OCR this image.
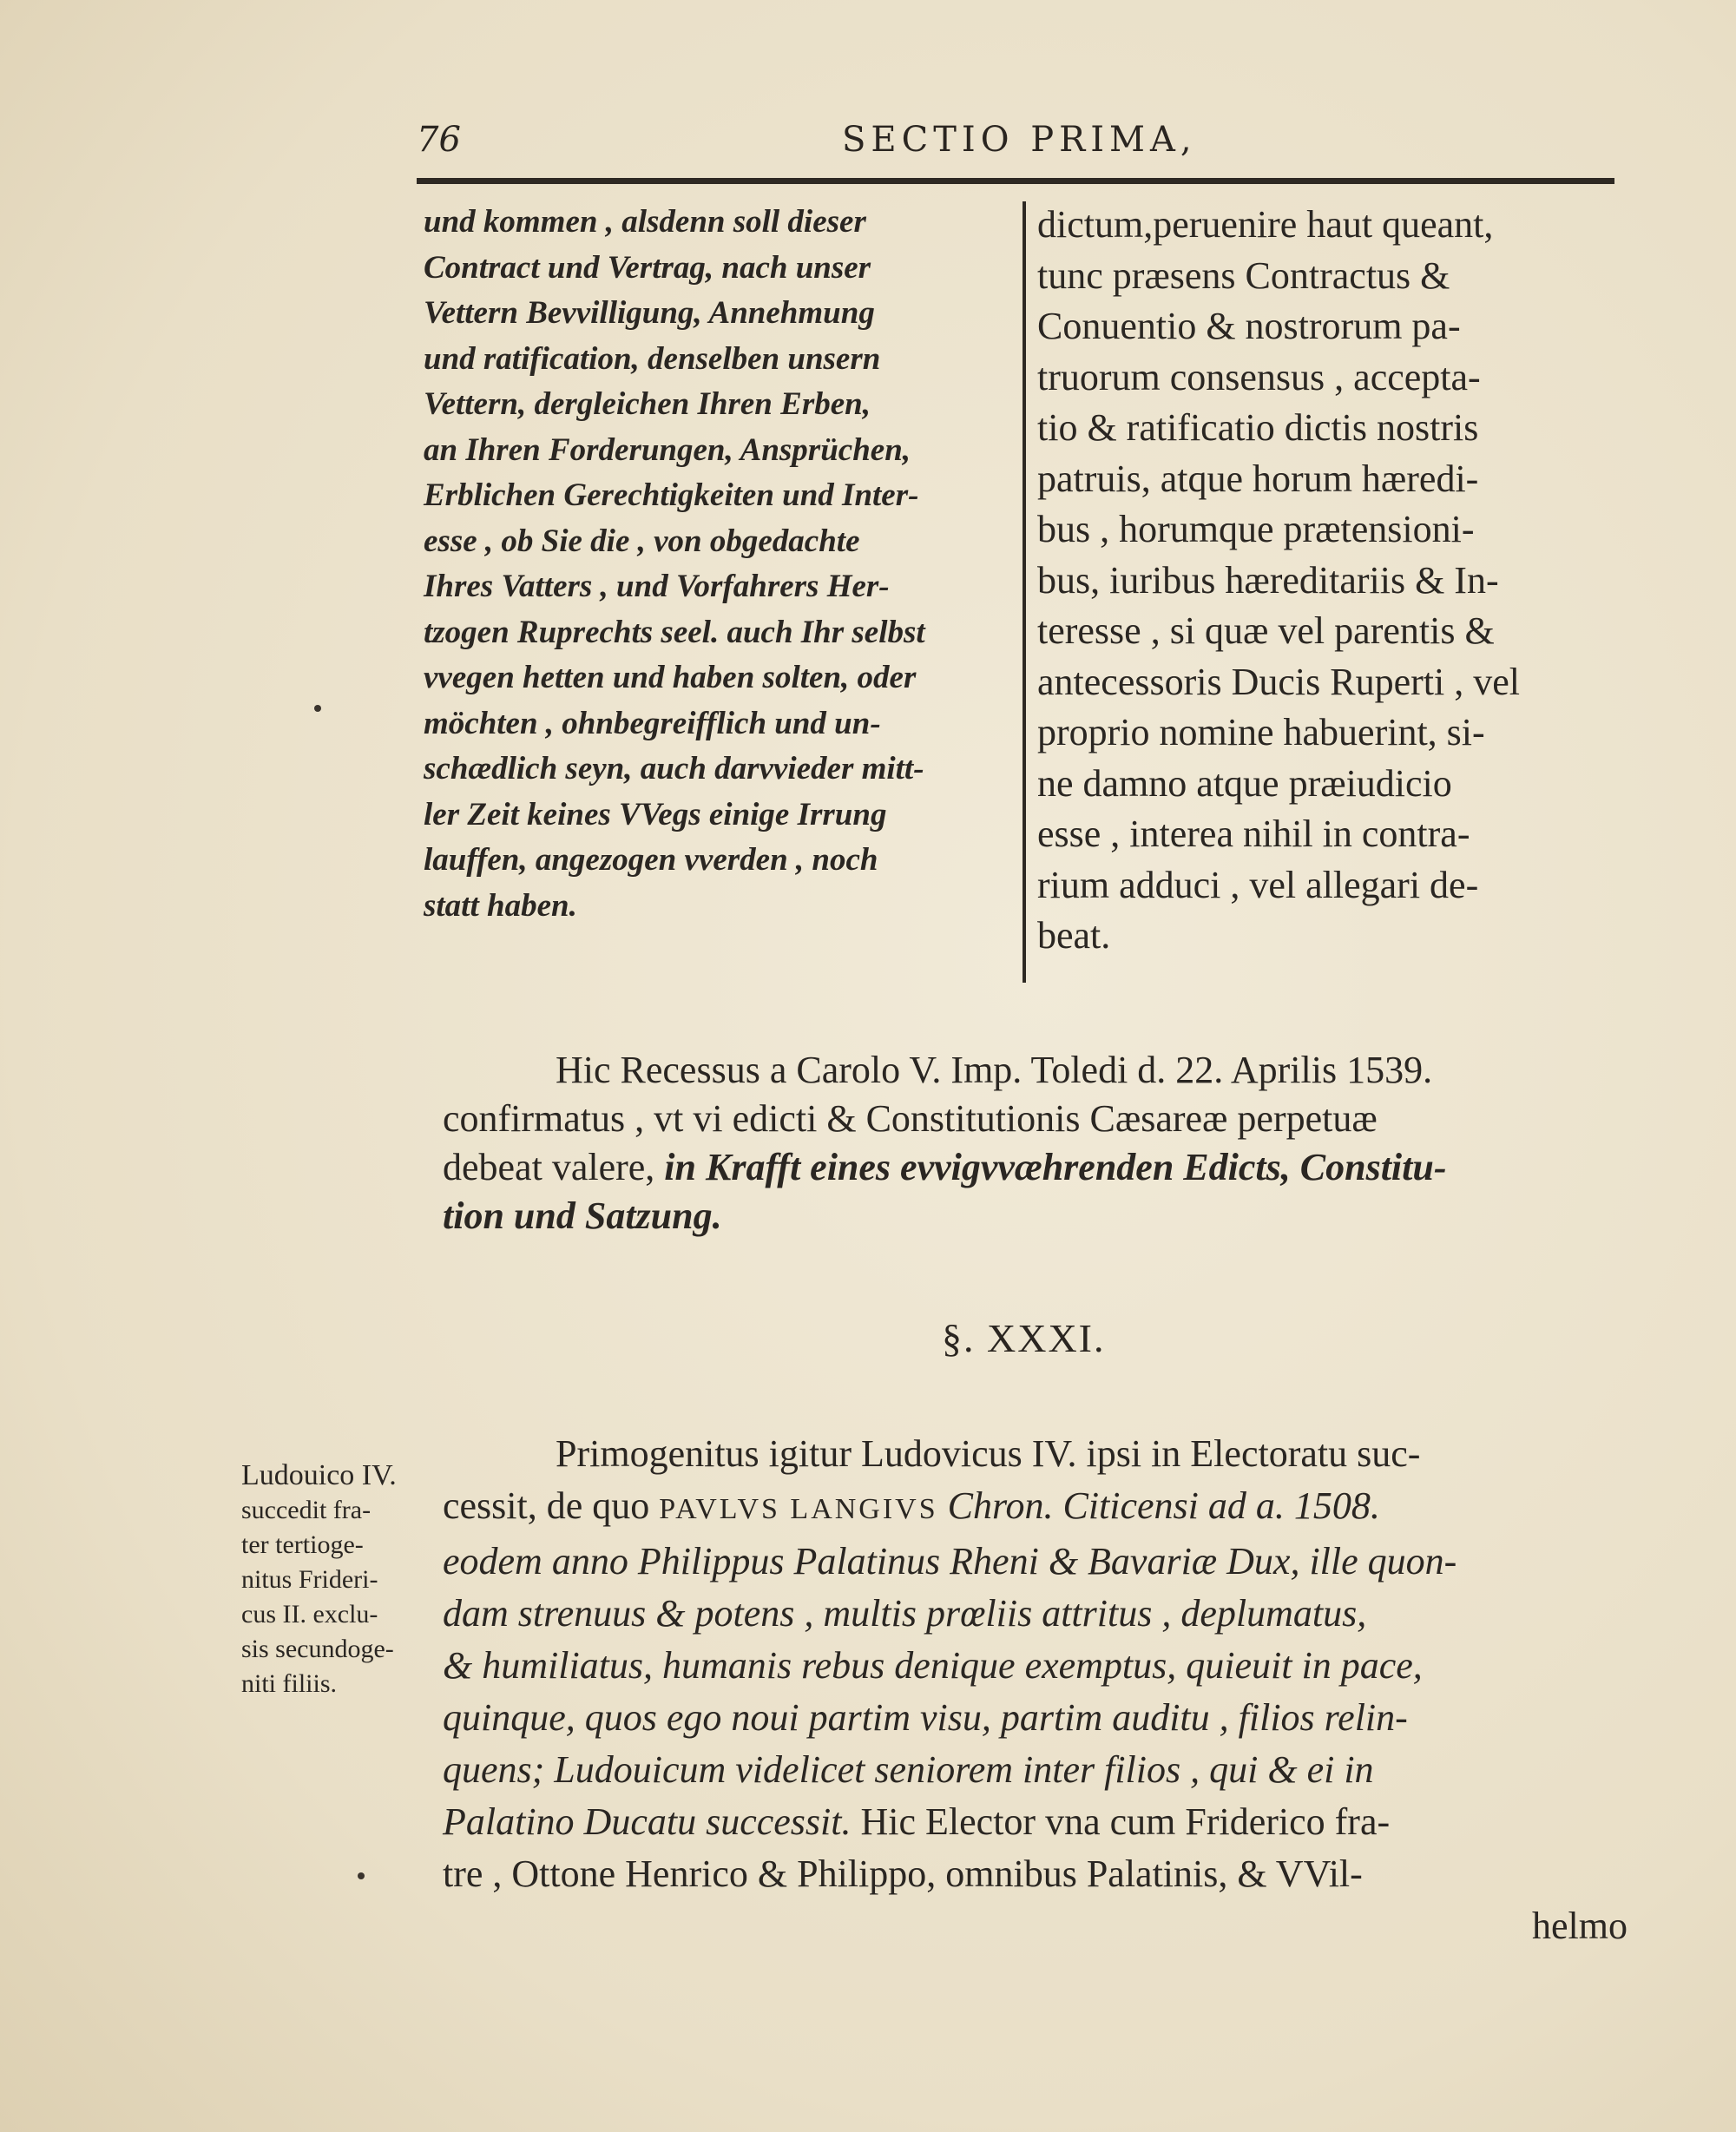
76	SECTIO PRIMA,
und kommen , alsdenn soll dieser
Contract und Vertrag, nach unser
Vettern Bevvilligung, Annehmung
und ratification, denselben unsern
Vettern, dergleichen Ihren Erben,
an Ihren Forderungen, Ansprüchen,
Erblichen Gerechtigkeiten und Inter-
esse , ob Sie die , von obgedachte
Ihres Vatters , und Vorfahrers Her-
tzogen Ruprechts seel. auch Ihr selbst
vvegen hetten und haben solten, oder
möchten , ohnbegreifflich und un-
schædlich seyn, auch darvvieder mitt-
ler Zeit keines VVegs einige Irrung
lauffen, angezogen vverden , noch
statt haben.
dictum,peruenire haut queant,
tunc præsens Contractus &
Conuentio & nostrorum pa-
truorum consensus , accepta-
tio & ratificatio dictis nostris
patruis, atque horum hæredi-
bus , horumque prætensioni-
bus, iuribus hæreditariis & In-
teresse , si quæ vel parentis &
antecessoris Ducis Ruperti , vel
proprio nomine habuerint, si-
ne damno atque præiudicio
esse , interea nihil in contra-
rium adduci , vel allegari de-
beat.
Hic Recessus a Carolo V. Imp. Toledi d. 22. Aprilis 1539.
confirmatus , vt vi edicti & Constitutionis Cæsareæ perpetuæ
debeat valere, in Krafft eines evvigvvæhrenden Edicts, Constitu-
tion und Satzung.
§. XXXI.
Ludouico IV.
succedit fra-
ter tertioge-
nitus Frideri-
cus II. exclu-
sis secundoge-
niti filiis.
Primogenitus igitur Ludovicus IV. ipsi in Electoratu suc-
cessit, de quo PAVLVS LANGIVS Chron. Citicensi ad a. 1508.
eodem anno Philippus Palatinus Rheni & Bavariæ Dux, ille quon-
dam strenuus & potens , multis prœliis attritus , deplumatus,
& humiliatus, humanis rebus denique exemptus, quieuit in pace,
quinque, quos ego noui partim visu, partim auditu , filios relin-
quens; Ludouicum videlicet seniorem inter filios , qui & ei in
Palatino Ducatu successit. Hic Elector vna cum Friderico fra-
tre , Ottone Henrico & Philippo, omnibus Palatinis, & VVil-
helmo
